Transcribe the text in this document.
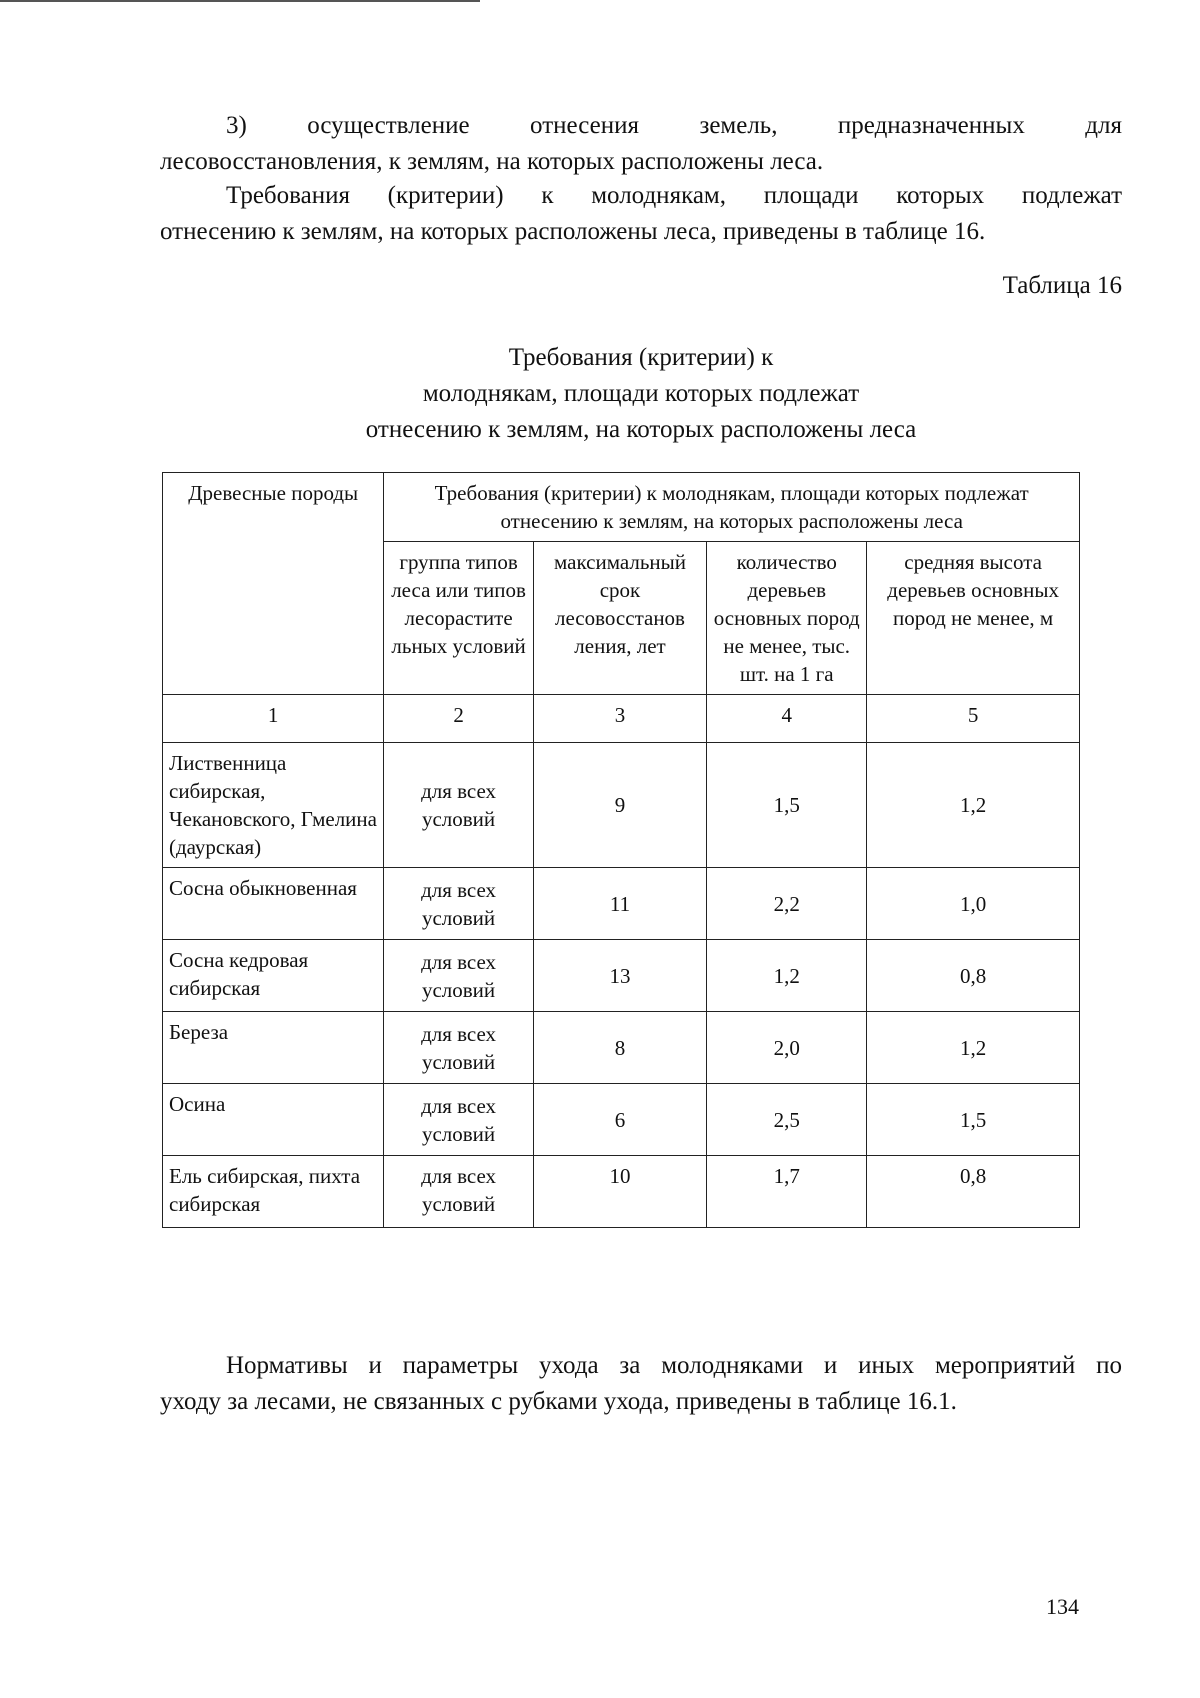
3) осуществление отнесения земель, предназначенных для
лесовосстановления, к землям, на которых расположены леса.
Требования (критерии) к молоднякам, площади которых подлежат
отнесению к землям, на которых расположены леса, приведены в таблице 16.
Таблица 16
Требования (критерии) к
молоднякам, площади которых подлежат
отнесению к землям, на которых расположены леса
Древесные породы	Требования (критерии) к молоднякам, площади которых подлежат отнесению к землям, на которых расположены леса			
	группа типов леса или типов лесорастите льных условий	максимальный срок лесовосстанов ления, лет	количество деревьев основных пород не менее, тыс. шт. на 1 га	средняя высота деревьев основных пород не менее, м
1	2	3	4	5
Лиственница сибирская, Чекановского, Гмелина (даурская)	для всех условий	9	1,5	1,2
Сосна обыкновенная	для всех условий	11	2,2	1,0
Сосна кедровая сибирская	для всех условий	13	1,2	0,8
Береза	для всех условий	8	2,0	1,2
Осина	для всех условий	6	2,5	1,5
Ель сибирская, пихта сибирская	для всех условий	10	1,7	0,8
Нормативы и параметры ухода за молодняками и иных мероприятий по
уходу за лесами, не связанных с рубками ухода, приведены в таблице 16.1.
134
